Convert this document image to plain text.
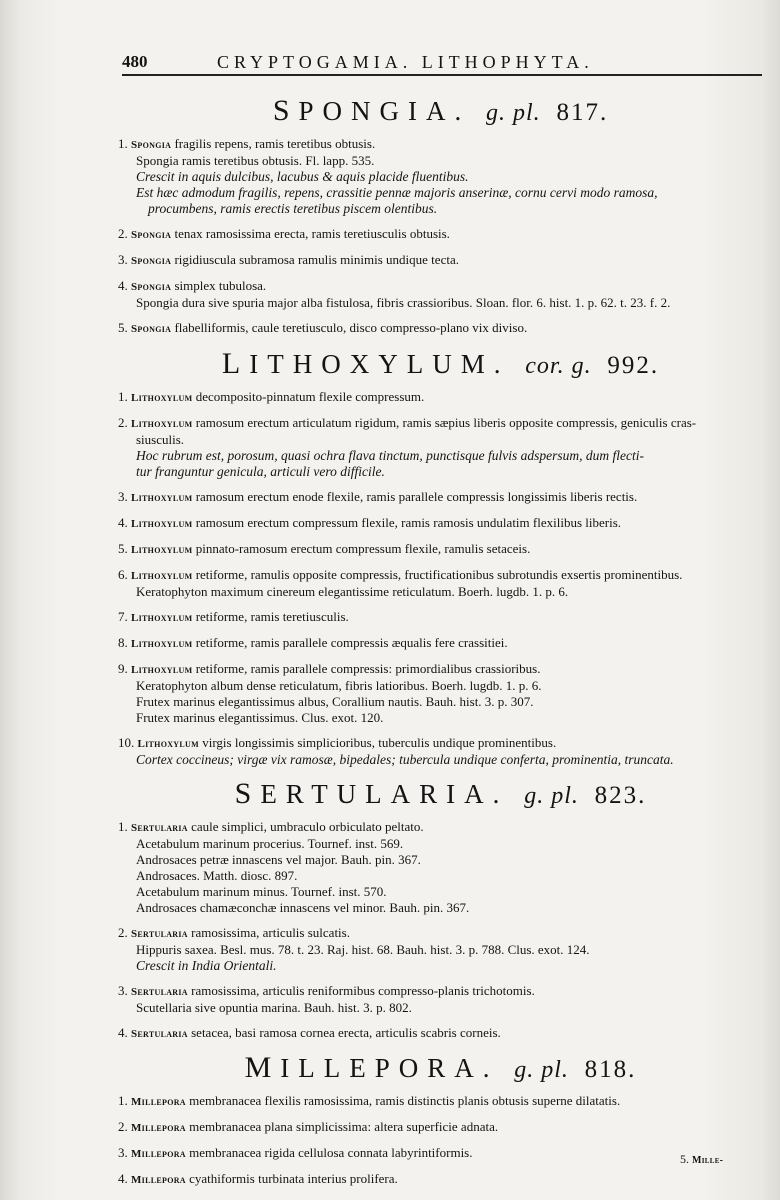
480	CRYPTOGAMIA. LITHOPHYTA.
SPONGIA. g. pl. 817.
1. Spongia fragilis repens, ramis teretibus obtusis.
Spongia ramis teretibus obtusis. Fl. lapp. 535.
Crescit in aquis dulcibus, lacubus & aquis placide fluentibus.
Est hæc admodum fragilis, repens, crassitie pennæ majoris anserinæ, cornu cervi modo ramosa,
procumbens, ramis erectis teretibus piscem olentibus.
2. Spongia tenax ramosissima erecta, ramis teretiusculis obtusis.
3. Spongia rigidiuscula subramosa ramulis minimis undique tecta.
4. Spongia simplex tubulosa.
Spongia dura sive spuria major alba fistulosa, fibris crassioribus. Sloan. flor. 6. hist. 1. p. 62. t. 23. f. 2.
5. Spongia flabelliformis, caule teretiusculo, disco compresso-plano vix diviso.
LITHOXYLUM. cor. g. 992.
1. Lithoxylum decomposito-pinnatum flexile compressum.
2. Lithoxylum ramosum erectum articulatum rigidum, ramis sæpius liberis opposite compressis, geniculis cras-
siusculis.
Hoc rubrum est, porosum, quasi ochra flava tinctum, punctisque fulvis adspersum, dum flecti-
tur franguntur genicula, articuli vero difficile.
3. Lithoxylum ramosum erectum enode flexile, ramis parallele compressis longissimis liberis rectis.
4. Lithoxylum ramosum erectum compressum flexile, ramis ramosis undulatim flexilibus liberis.
5. Lithoxylum pinnato-ramosum erectum compressum flexile, ramulis setaceis.
6. Lithoxylum retiforme, ramulis opposite compressis, fructificationibus subrotundis exsertis prominentibus.
Keratophyton maximum cinereum elegantissime reticulatum. Boerh. lugdb. 1. p. 6.
7. Lithoxylum retiforme, ramis teretiusculis.
8. Lithoxylum retiforme, ramis parallele compressis æqualis fere crassitiei.
9. Lithoxylum retiforme, ramis parallele compressis: primordialibus crassioribus.
Keratophyton album dense reticulatum, fibris latioribus. Boerh. lugdb. 1. p. 6.
Frutex marinus elegantissimus albus, Corallium nautis. Bauh. hist. 3. p. 307.
Frutex marinus elegantissimus. Clus. exot. 120.
10. Lithoxylum virgis longissimis simplicioribus, tuberculis undique prominentibus.
Cortex coccineus; virgæ vix ramosæ, bipedales; tubercula undique conferta, prominentia, truncata.
SERTULARIA. g. pl. 823.
1. Sertularia caule simplici, umbraculo orbiculato peltato.
Acetabulum marinum procerius. Tournef. inst. 569.
Androsaces petræ innascens vel major. Bauh. pin. 367.
Androsaces. Matth. diosc. 897.
Acetabulum marinum minus. Tournef. inst. 570.
Androsaces chamæconchæ innascens vel minor. Bauh. pin. 367.
2. Sertularia ramosissima, articulis sulcatis.
Hippuris saxea. Besl. mus. 78. t. 23. Raj. hist. 68. Bauh. hist. 3. p. 788. Clus. exot. 124.
Crescit in India Orientali.
3. Sertularia ramosissima, articulis reniformibus compresso-planis trichotomis.
Scutellaria sive opuntia marina. Bauh. hist. 3. p. 802.
4. Sertularia setacea, basi ramosa cornea erecta, articulis scabris corneis.
MILLEPORA. g. pl. 818.
1. Millepora membranacea flexilis ramosissima, ramis distinctis planis obtusis superne dilatatis.
2. Millepora membranacea plana simplicissima: altera superficie adnata.
3. Millepora membranacea rigida cellulosa connata labyrintiformis.
4. Millepora cyathiformis turbinata interius prolifera.
5. Mille-
